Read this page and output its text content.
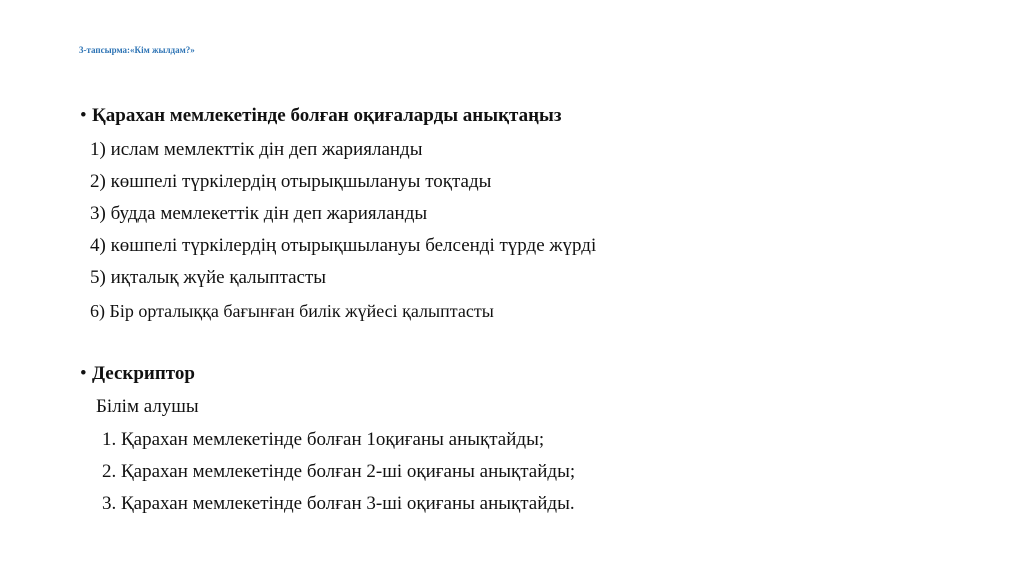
3-тапсырма:«Кім жылдам?»
• Қарахан мемлекетінде болған оқиғаларды анықтаңыз
1) ислам мемлекттік дін деп жарияланды
2) көшпелі түркілердің отырықшылануы тоқтады
3) будда мемлекеттік дін деп жарияланды
4) көшпелі түркілердің отырықшылануы белсенді түрде жүрді
5) иқталық жүйе қалыптасты
6) Бір орталыққа бағынған билік жүйесі қалыптасты
• Дескриптор
Білім алушы
1. Қарахан мемлекетінде болған 1оқиғаны анықтайды;
2. Қарахан мемлекетінде болған 2-ші оқиғаны анықтайды;
3. Қарахан мемлекетінде болған 3-ші оқиғаны анықтайды.
